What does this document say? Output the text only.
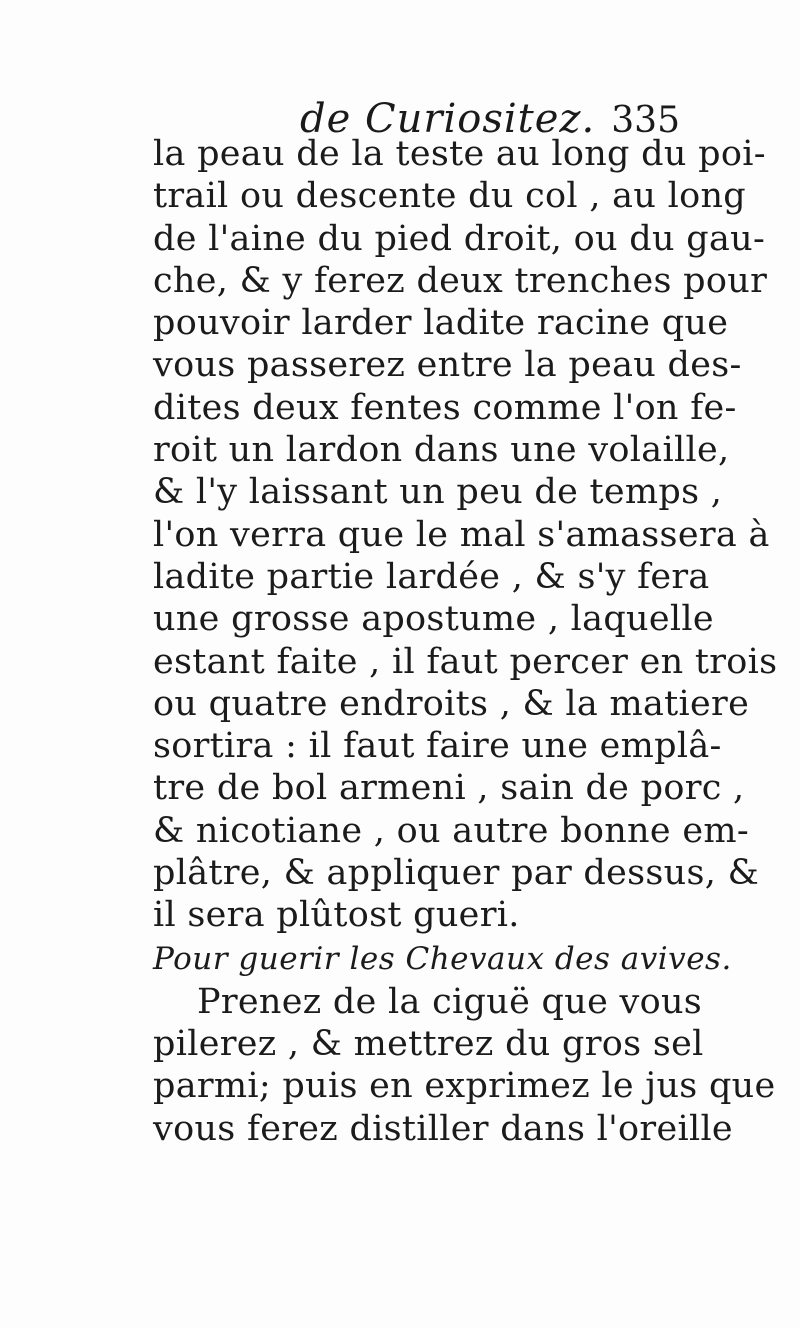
de Curiositez. 335
la peau de la teste au long du poi-
trail ou descente du col , au long
de l'aine du pied droit, ou du gau-
che, & y ferez deux trenches pour
pouvoir larder ladite racine que
vous passerez entre la peau des-
dites deux fentes comme l'on fe-
roit un lardon dans une volaille,
& l'y laissant un peu de temps ,
l'on verra que le mal s'amassera à
ladite partie lardée , & s'y fera
une grosse apostume , laquelle
estant faite , il faut percer en trois
ou quatre endroits , & la matiere
sortira : il faut faire une emplâ-
tre de bol armeni , sain de porc ,
& nicotiane , ou autre bonne em-
plâtre, & appliquer par dessus, &
il sera plûtost gueri.
Pour guerir les Chevaux des avives.
Prenez de la ciguë que vous
pilerez , & mettrez du gros sel
parmi; puis en exprimez le jus que
vous ferez distiller dans l'oreille
